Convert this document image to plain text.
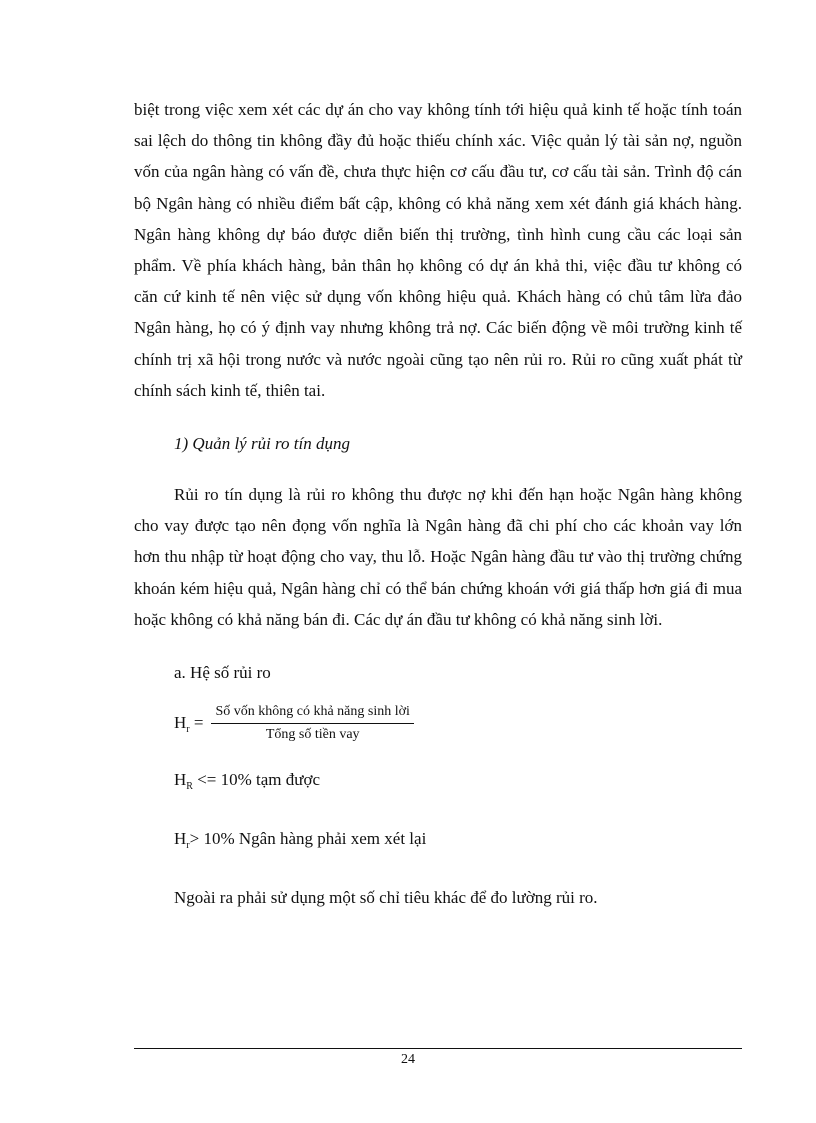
biệt trong việc xem xét các dự án cho vay không tính tới hiệu quả kinh tế hoặc tính toán sai lệch do thông tin không đầy đủ hoặc thiếu chính xác. Việc quản lý tài sản nợ, nguồn vốn của ngân hàng có vấn đề, chưa thực hiện cơ cấu đầu tư, cơ cấu tài sản. Trình độ cán bộ Ngân hàng có nhiều điểm bất cập, không có khả năng xem xét đánh giá khách hàng. Ngân hàng không dự báo được diễn biến thị trường, tình hình cung cầu các loại sản phẩm. Về phía khách hàng, bản thân họ không có dự án khả thi, việc đầu tư không có căn cứ kinh tế nên việc sử dụng vốn không hiệu quả. Khách hàng có chủ tâm lừa đảo Ngân hàng, họ có ý định vay nhưng không trả nợ. Các biến động về môi trường kinh tế chính trị xã hội trong nước và nước ngoài cũng tạo nên rủi ro. Rủi ro cũng xuất phát từ chính sách kinh tế, thiên tai.

1) Quản lý rủi ro tín dụng

Rủi ro tín dụng là rủi ro không thu được nợ khi đến hạn hoặc Ngân hàng không cho vay được tạo nên đọng vốn nghĩa là Ngân hàng đã chi phí cho các khoản vay lớn hơn thu nhập từ hoạt động cho vay, thu lỗ. Hoặc Ngân hàng đầu tư vào thị trường chứng khoán kém hiệu quả, Ngân hàng chỉ có thể bán chứng khoán với giá thấp hơn giá đi mua hoặc không có khả năng bán đi. Các dự án đầu tư không có khả năng sinh lời.

a. Hệ số rủi ro

$H_r = \frac{\text{Số vốn không có khả năng sinh lời}}{\text{Tổng số tiền vay}}$

$H_R <= 10\%$ tạm được

$H_r> 10\%$ Ngân hàng phải xem xét lại

Ngoài ra phải sử dụng một số chỉ tiêu khác để đo lường rủi ro.

24
